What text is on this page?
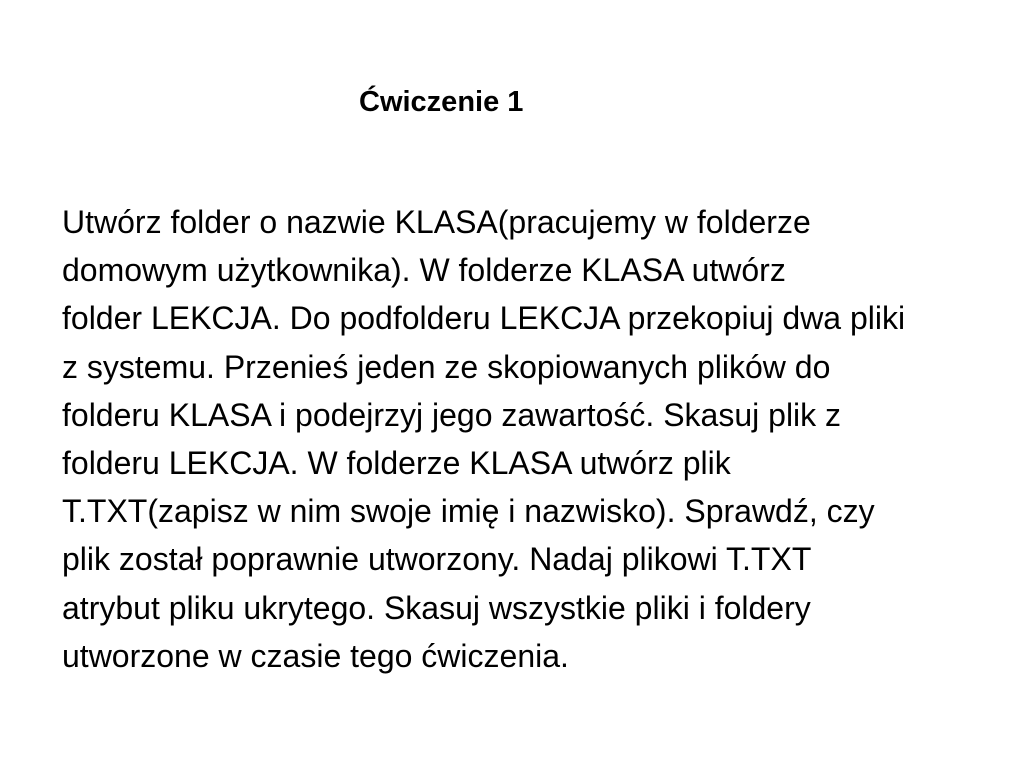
Ćwiczenie 1
Utwórz folder o nazwie KLASA(pracujemy w folderze
domowym użytkownika). W folderze KLASA utwórz
folder LEKCJA. Do podfolderu LEKCJA przekopiuj dwa pliki
z systemu. Przenieś jeden ze skopiowanych plików do
folderu KLASA i podejrzyj jego zawartość. Skasuj plik z
folderu LEKCJA. W folderze KLASA utwórz plik
T.TXT(zapisz w nim swoje imię i nazwisko). Sprawdź, czy
plik został poprawnie utworzony. Nadaj plikowi T.TXT
atrybut pliku ukrytego. Skasuj wszystkie pliki i foldery
utworzone w czasie tego ćwiczenia.
